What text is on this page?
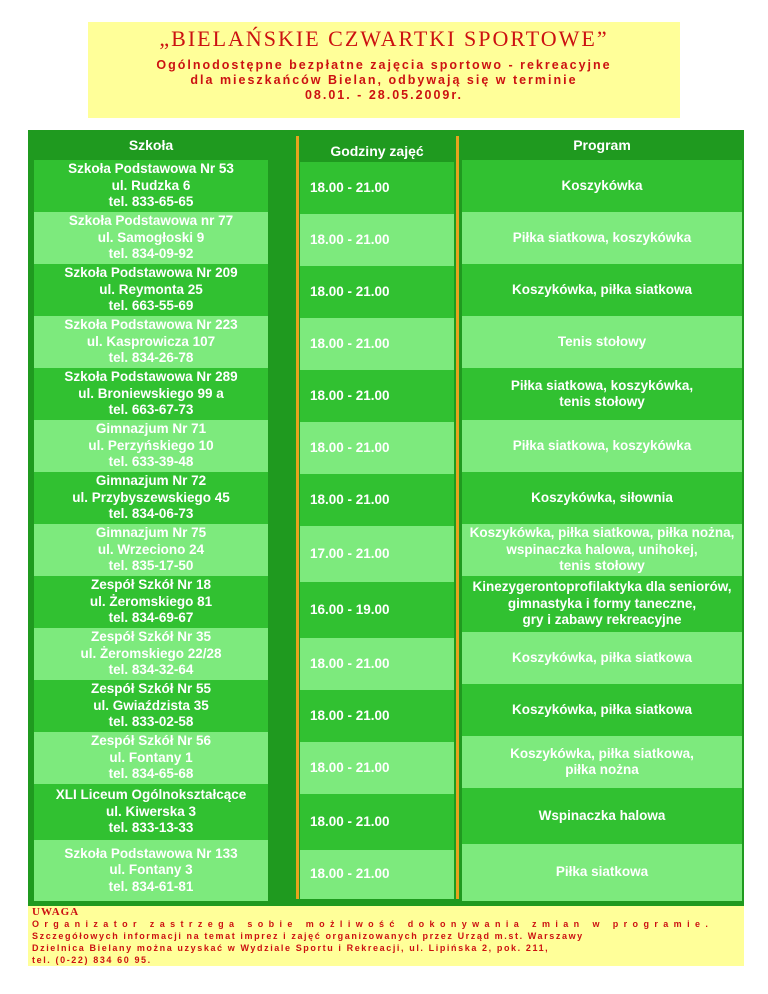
„BIELAŃSKIE CZWARTKI SPORTOWE”
Ogólnodostępne bezpłatne zajęcia sportowo - rekreacyjne
dla mieszkańców Bielan, odbywają się w terminie
08.01. - 28.05.2009r.
Szkoła
Szkoła Podstawowa Nr 53
ul. Rudzka 6
tel. 833-65-65
Szkoła Podstawowa nr 77
ul. Samogłoski 9
tel. 834-09-92
Szkoła Podstawowa Nr 209
ul. Reymonta 25
tel. 663-55-69
Szkoła Podstawowa Nr 223
ul. Kasprowicza 107
tel. 834-26-78
Szkoła Podstawowa Nr 289
ul. Broniewskiego 99 a
tel. 663-67-73
Gimnazjum Nr 71
ul. Perzyńskiego 10
tel. 633-39-48
Gimnazjum Nr 72
ul. Przybyszewskiego 45
tel. 834-06-73
Gimnazjum Nr 75
ul. Wrzeciono 24
tel. 835-17-50
Zespół Szkół Nr 18
ul. Żeromskiego 81
tel. 834-69-67
Zespół Szkół Nr 35
ul. Żeromskiego 22/28
tel. 834-32-64
Zespół Szkół Nr 55
ul. Gwiaździsta 35
tel. 833-02-58
Zespół Szkół Nr 56
ul. Fontany 1
tel. 834-65-68
XLI Liceum Ogólnokształcące
ul. Kiwerska 3
tel. 833-13-33
Szkoła Podstawowa Nr 133
ul. Fontany 3
tel. 834-61-81
Godziny zajęć
18.00 - 21.00
18.00 - 21.00
18.00 - 21.00
18.00 - 21.00
18.00 - 21.00
18.00 - 21.00
18.00 - 21.00
17.00 - 21.00
16.00 - 19.00
18.00 - 21.00
18.00 - 21.00
18.00 - 21.00
18.00 - 21.00
18.00 - 21.00
Program
Koszykówka
Piłka siatkowa, koszykówka
Koszykówka, piłka siatkowa
Tenis stołowy
Piłka siatkowa, koszykówka,
tenis stołowy
Piłka siatkowa, koszykówka
Koszykówka, siłownia
Koszykówka, piłka siatkowa, piłka nożna,
wspinaczka halowa, unihokej,
tenis stołowy
Kinezygerontoprofilaktyka dla seniorów,
gimnastyka i formy taneczne,
gry i zabawy rekreacyjne
Koszykówka, piłka siatkowa
Koszykówka, piłka siatkowa
Koszykówka, piłka siatkowa,
piłka nożna
Wspinaczka halowa
Piłka siatkowa
UWAGA
Organizator zastrzega sobie możliwość dokonywania zmian w programie.
Szczegółowych informacji na temat imprez i zajęć organizowanych przez Urząd m.st. Warszawy
Dzielnica Bielany można uzyskać w Wydziale Sportu i Rekreacji, ul. Lipińska 2, pok. 211,
tel. (0-22) 834 60 95.
